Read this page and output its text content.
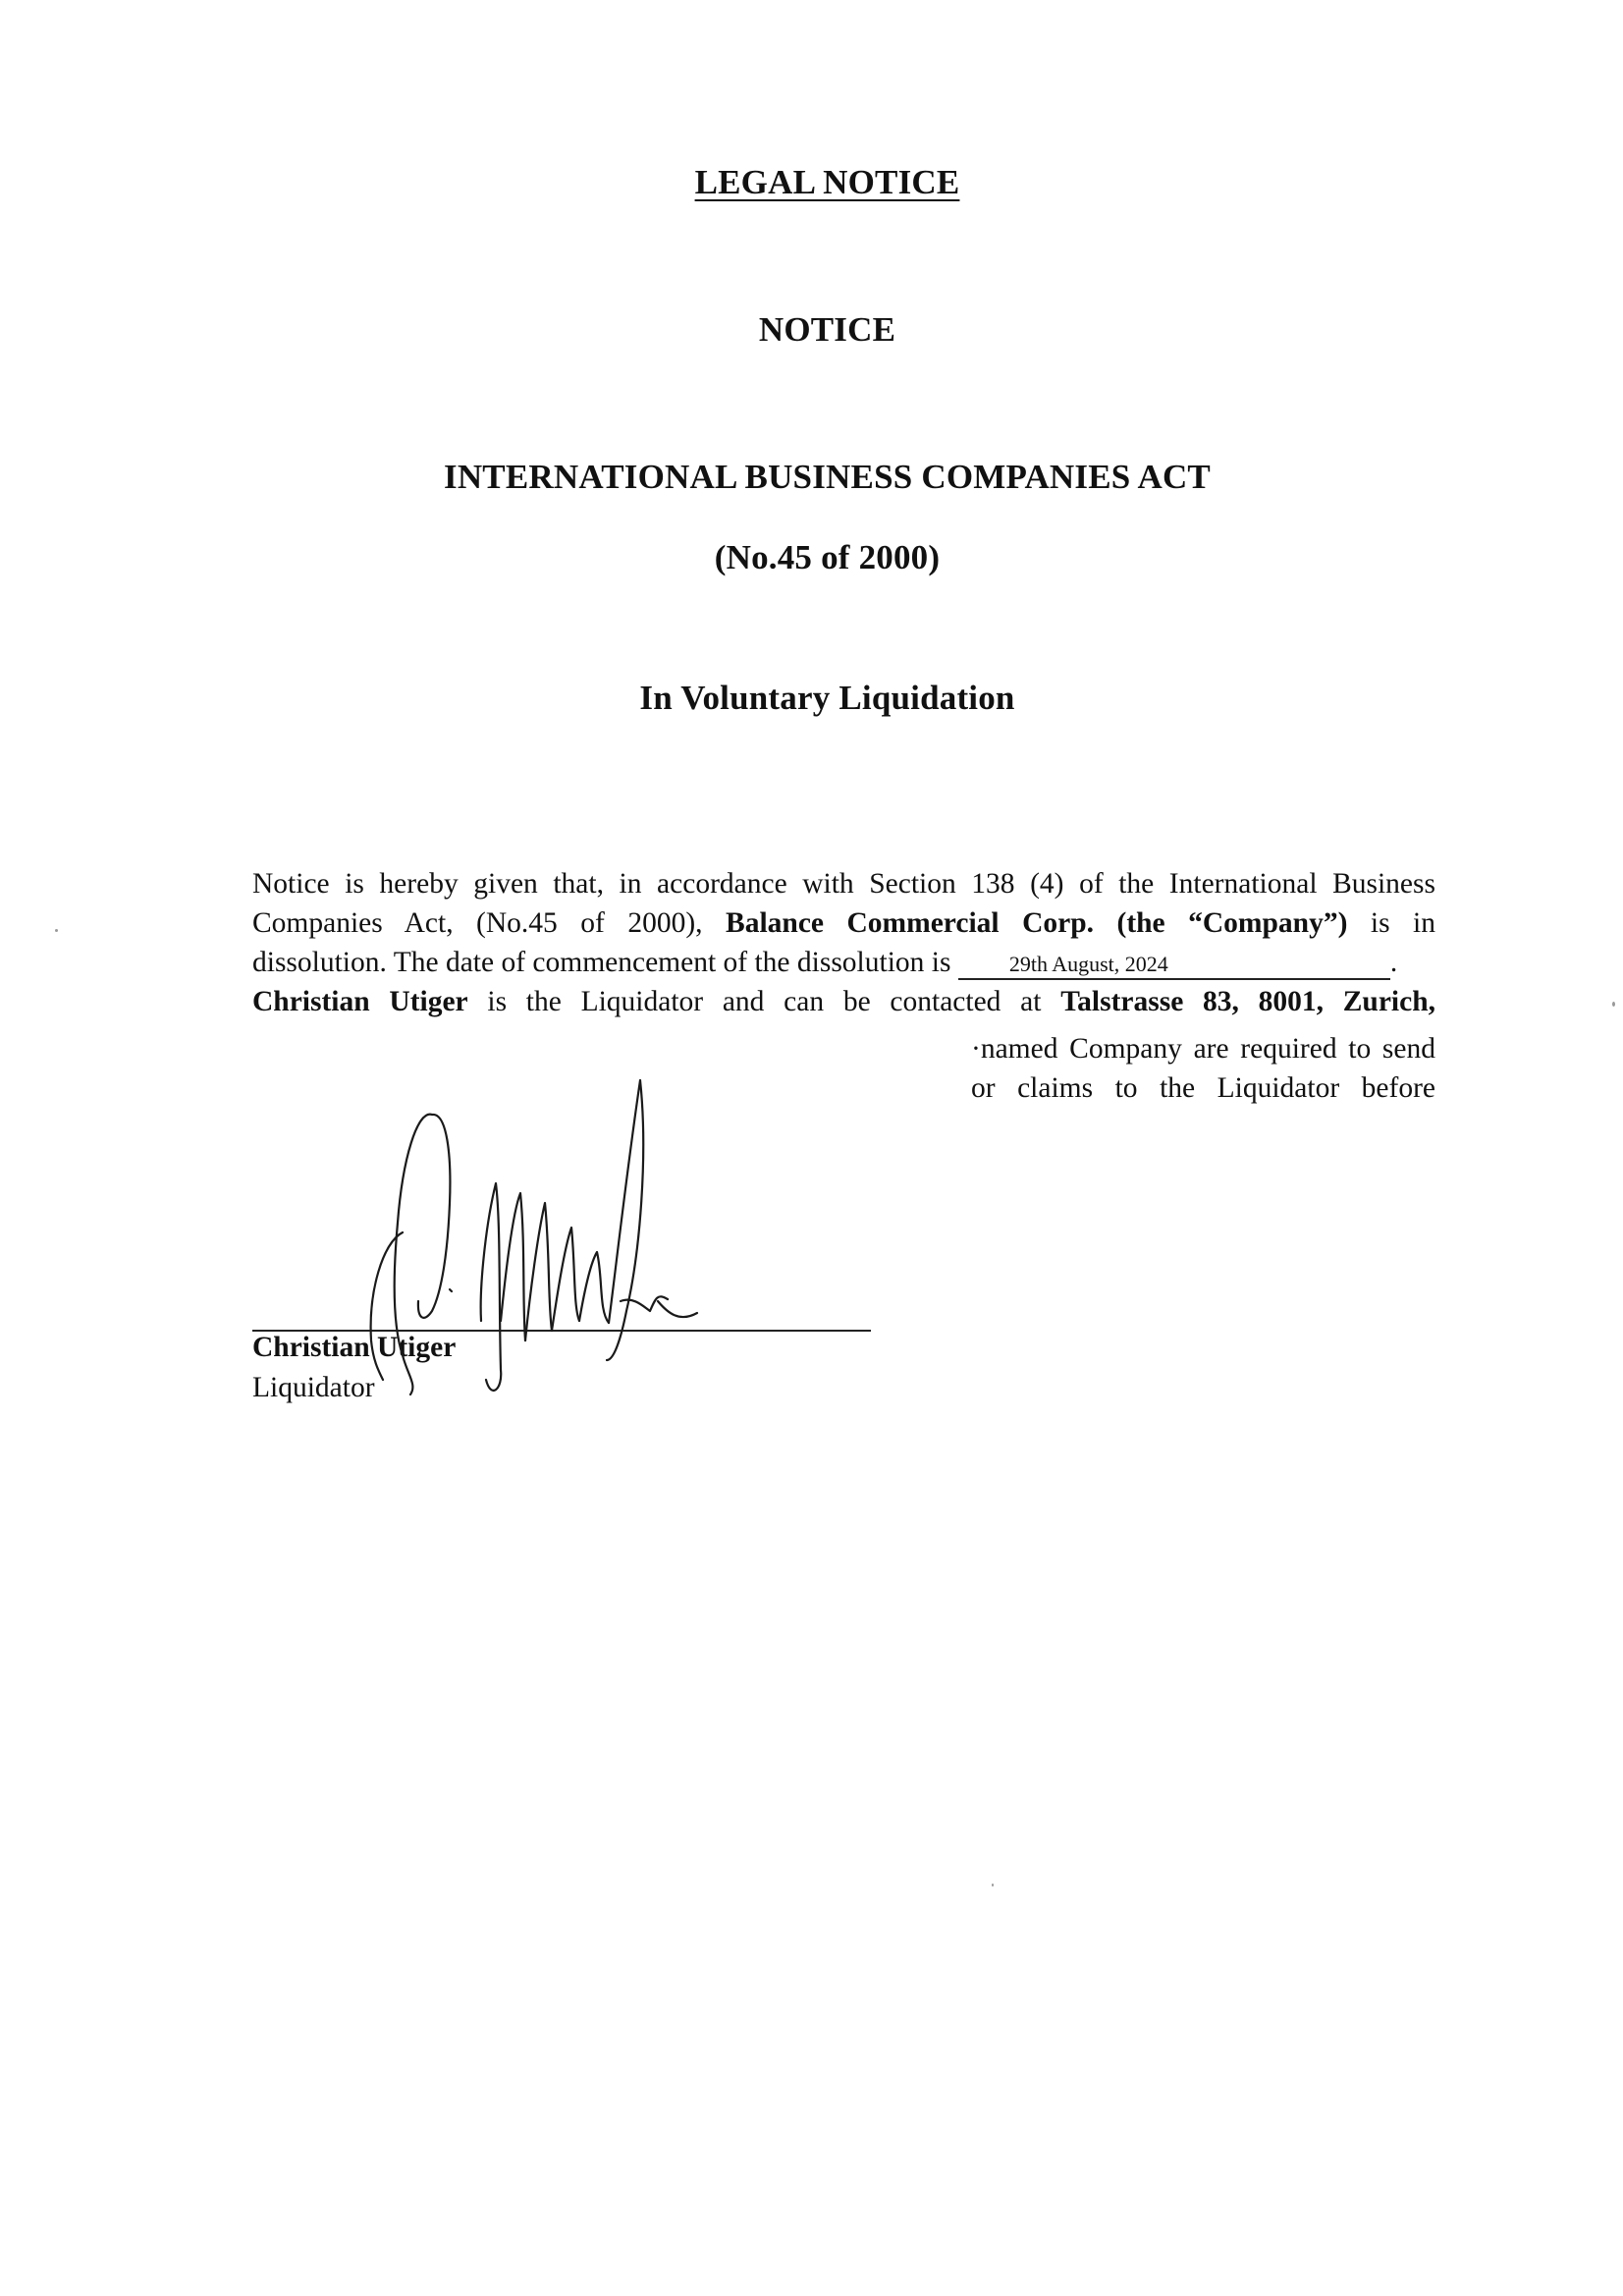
LEGAL NOTICE
NOTICE
INTERNATIONAL BUSINESS COMPANIES ACT
(No.45 of 2000)
In Voluntary Liquidation
Notice is hereby given that, in accordance with Section 138 (4) of the International Business
Companies Act, (No.45 of 2000), Balance Commercial Corp. (the “Company”) is in
dissolution. The date of commencement of the dissolution is 29th August, 2024	.
Christian Utiger is the Liquidator and can be contacted at Talstrasse 83, 8001, Zurich,
·named Company are required to send
or claims to the Liquidator before
Christian Utiger
Liquidator
